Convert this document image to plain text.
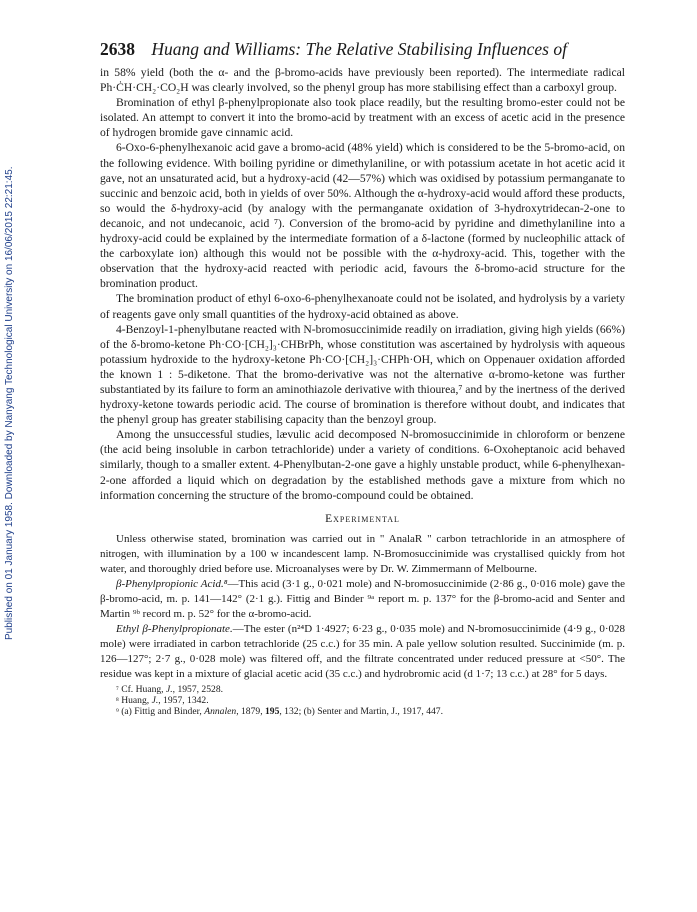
Published on 01 January 1958. Downloaded by Nanyang Technological University on 16/06/2015 22:21:45.
2638 Huang and Williams: The Relative Stabilising Influences of

in 58% yield (both the α- and the β-bromo-acids have previously been reported). The intermediate radical Ph·ĊH·CH₂·CO₂H was clearly involved, so the phenyl group has more stabilising effect than a carboxyl group.

Bromination of ethyl β-phenylpropionate also took place readily, but the resulting bromo-ester could not be isolated. An attempt to convert it into the bromo-acid by treatment with an excess of acetic acid in the presence of hydrogen bromide gave cinnamic acid.

6-Oxo-6-phenylhexanoic acid gave a bromo-acid (48% yield) which is considered to be the 5-bromo-acid, on the following evidence. With boiling pyridine or dimethylaniline, or with potassium acetate in hot acetic acid it gave, not an unsaturated acid, but a hydroxy-acid (42—57%) which was oxidised by potassium permanganate to succinic and benzoic acid, both in yields of over 50%. Although the α-hydroxy-acid would afford these products, so would the δ-hydroxy-acid (by analogy with the permanganate oxidation of 3-hydroxytridecan-2-one to decanoic, and not undecanoic, acid ⁷). Conversion of the bromo-acid by pyridine and dimethylaniline into a hydroxy-acid could be explained by the intermediate formation of a δ-lactone (formed by nucleophilic attack of the carboxylate ion) although this would not be possible with the α-hydroxy-acid. This, together with the observation that the hydroxy-acid reacted with periodic acid, favours the δ-bromo-acid structure for the bromination product.

The bromination product of ethyl 6-oxo-6-phenylhexanoate could not be isolated, and hydrolysis by a variety of reagents gave only small quantities of the hydroxy-acid obtained as above.

4-Benzoyl-1-phenylbutane reacted with N-bromosuccinimide readily on irradiation, giving high yields (66%) of the δ-bromo-ketone Ph·CO·[CH₂]₃·CHBrPh, whose constitution was ascertained by hydrolysis with aqueous potassium hydroxide to the hydroxy-ketone Ph·CO·[CH₂]₃·CHPh·OH, which on Oppenauer oxidation afforded the known 1 : 5-diketone. That the bromo-derivative was not the alternative α-bromo-ketone was further substantiated by its failure to form an aminothiazole derivative with thiourea,⁷ and by the inertness of the derived hydroxy-ketone towards periodic acid. The course of bromination is therefore without doubt, and indicates that the phenyl group has greater stabilising capacity than the benzoyl group.

Among the unsuccessful studies, lævulic acid decomposed N-bromosuccinimide in chloroform or benzene (the acid being insoluble in carbon tetrachloride) under a variety of conditions. 6-Oxoheptanoic acid behaved similarly, though to a smaller extent. 4-Phenylbutan-2-one gave a highly unstable product, while 6-phenylhexan-2-one afforded a liquid which on degradation by the established methods gave a mixture from which no information concerning the structure of the bromo-compound could be obtained.

Experimental

Unless otherwise stated, bromination was carried out in " AnalaR " carbon tetrachloride in an atmosphere of nitrogen, with illumination by a 100 w incandescent lamp. N-Bromosuccinimide was crystallised quickly from hot water, and thoroughly dried before use. Microanalyses were by Dr. W. Zimmermann of Melbourne.

β-Phenylpropionic Acid.⁸—This acid (3·1 g., 0·021 mole) and N-bromosuccinimide (2·86 g., 0·016 mole) gave the β-bromo-acid, m. p. 141—142° (2·1 g.). Fittig and Binder ⁹ᵃ report m. p. 137° for the β-bromo-acid and Senter and Martin ⁹ᵇ record m. p. 52° for the α-bromo-acid.

Ethyl β-Phenylpropionate.—The ester (n²⁴D 1·4927; 6·23 g., 0·035 mole) and N-bromosuccinimide (4·9 g., 0·028 mole) were irradiated in carbon tetrachloride (25 c.c.) for 35 min. A pale yellow solution resulted. Succinimide (m. p. 126—127°; 2·7 g., 0·028 mole) was filtered off, and the filtrate concentrated under reduced pressure at <50°. The residue was kept in a mixture of glacial acetic acid (35 c.c.) and hydrobromic acid (d 1·7; 13 c.c.) at 28° for 5 days.

⁷ Cf. Huang, J., 1957, 2528.

⁸ Huang, J., 1957, 1342.

⁹ (a) Fittig and Binder, Annalen, 1879, 195, 132; (b) Senter and Martin, J., 1917, 447.
